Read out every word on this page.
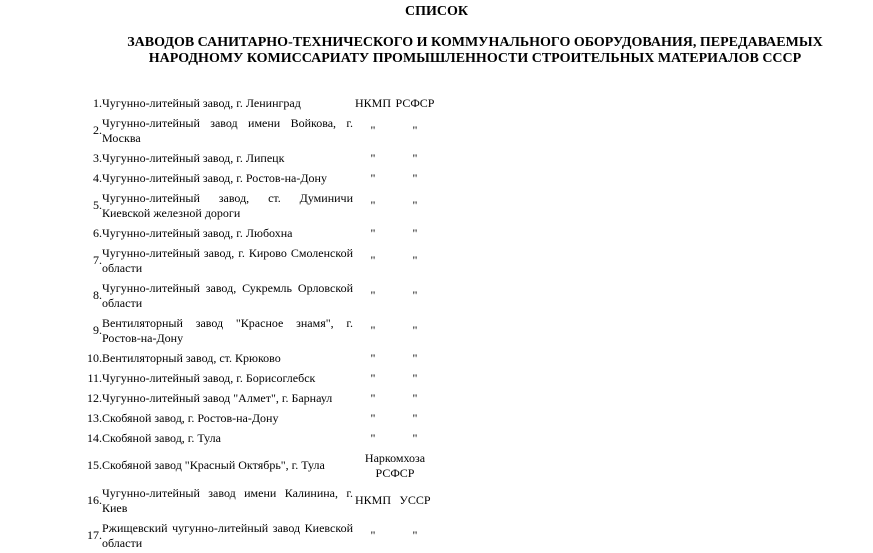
СПИСОК
ЗАВОДОВ САНИТАРНО-ТЕХНИЧЕСКОГО И КОММУНАЛЬНОГО ОБОРУДОВАНИЯ, ПЕРЕДАВАЕМЫХ НАРОДНОМУ КОМИССАРИАТУ ПРОМЫШЛЕННОСТИ СТРОИТЕЛЬНЫХ МАТЕРИАЛОВ СССР
1.	Чугунно-литейный завод, г. Ленинград	НКМП	РСФСР
2.	Чугунно-литейный завод имени Войкова, г. Москва	"	"
3.	Чугунно-литейный завод, г. Липецк	"	"
4.	Чугунно-литейный завод, г. Ростов-на-Дону	"	"
5.	Чугунно-литейный завод, ст. Думиничи Киевской железной дороги	"	"
6.	Чугунно-литейный завод, г. Любохна	"	"
7.	Чугунно-литейный завод, г. Кирово Смоленской области	"	"
8.	Чугунно-литейный завод, Сукремль Орловской области	"	"
9.	Вентиляторный завод "Красное знамя", г. Ростов-на-Дону	"	"
10.	Вентиляторный завод, ст. Крюково	"	"
11.	Чугунно-литейный завод, г. Борисоглебск	"	"
12.	Чугунно-литейный завод "Алмет", г. Барнаул	"	"
13.	Скобяной завод, г. Ростов-на-Дону	"	"
14.	Скобяной завод, г. Тула	"	"
15.	Скобяной завод "Красный Октябрь", г. Тула	Наркомхоза РСФСР	
16.	Чугунно-литейный завод имени Калинина, г. Киев	НКМП	УССР
17.	Ржищевский чугунно-литейный завод Киевской области	"	"
